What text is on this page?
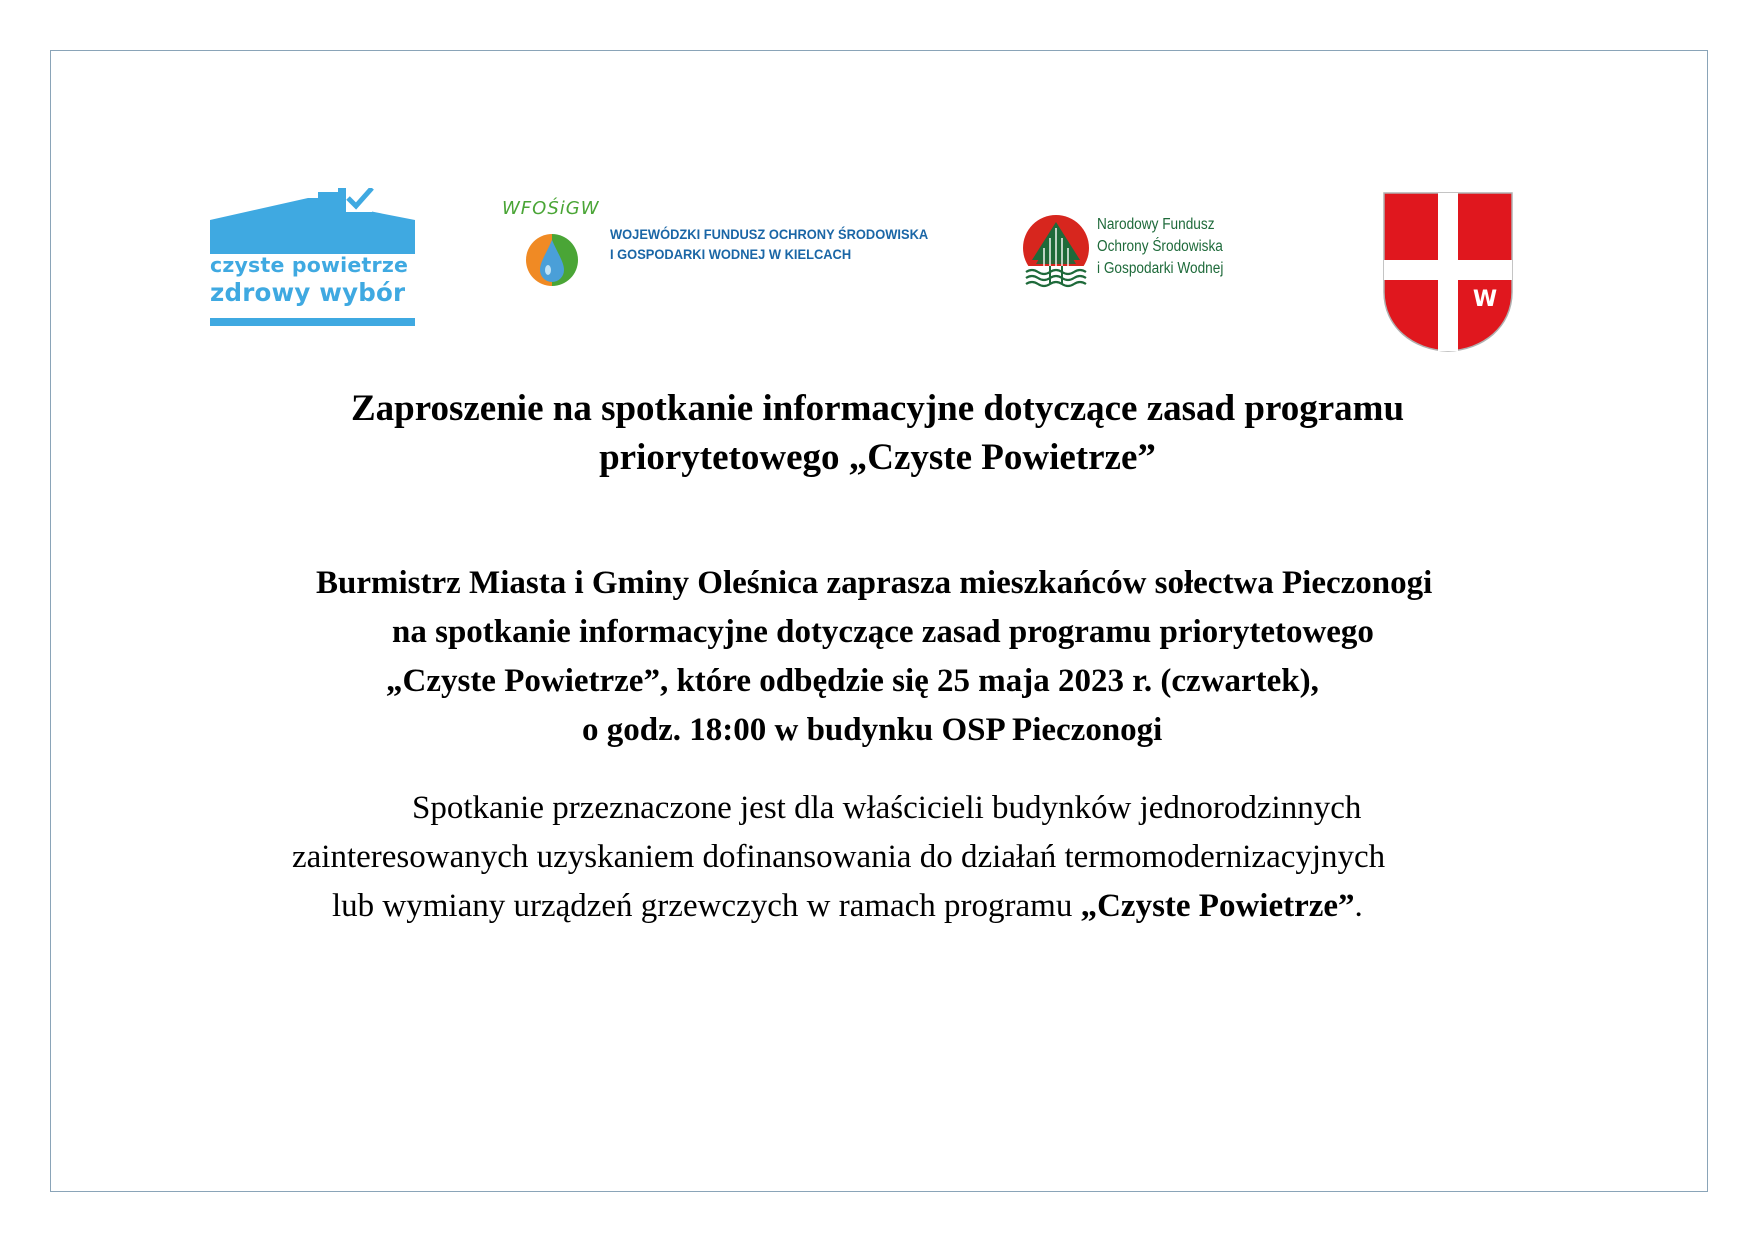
czyste powietrze
zdrowy wybór
WFOŚiGW
WOJEWÓDZKI FUNDUSZ OCHRONY ŚRODOWISKA
I GOSPODARKI WODNEJ W KIELCACH
Narodowy Fundusz
Ochrony Środowiska
i Gospodarki Wodnej
W
Zaproszenie na spotkanie informacyjne dotyczące zasad programu
priorytetowego „Czyste Powietrze”
Burmistrz Miasta i Gminy Oleśnica zaprasza mieszkańców sołectwa Pieczonogi
na spotkanie informacyjne dotyczące zasad programu priorytetowego
„Czyste Powietrze”, które odbędzie się 25 maja 2023 r. (czwartek),
o godz. 18:00 w budynku OSP Pieczonogi
Spotkanie przeznaczone jest dla właścicieli budynków jednorodzinnych
zainteresowanych uzyskaniem dofinansowania do działań termomodernizacyjnych
lub wymiany urządzeń grzewczych w ramach programu „Czyste Powietrze”.
